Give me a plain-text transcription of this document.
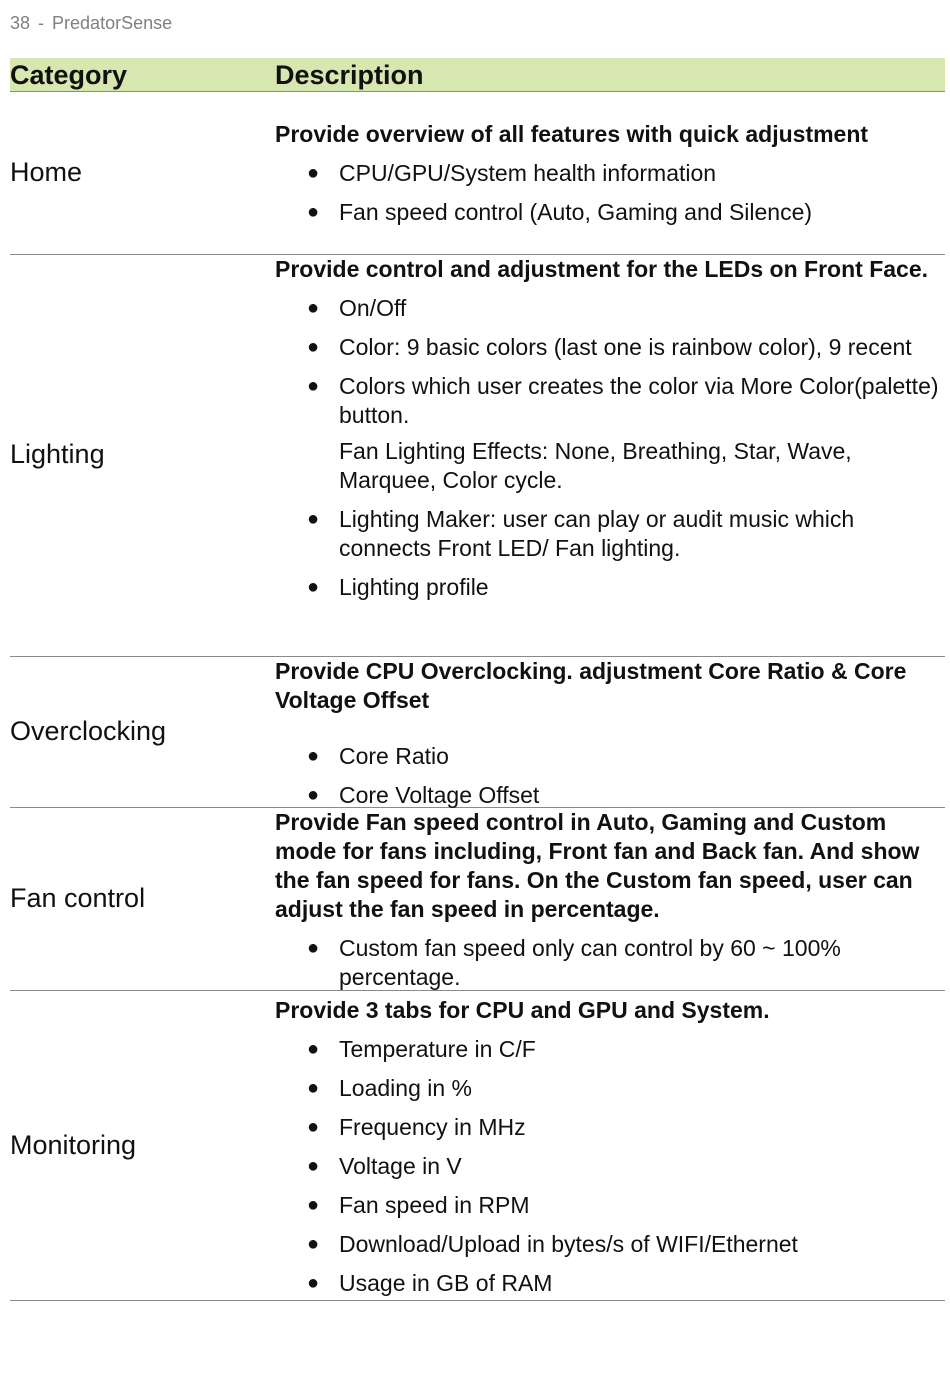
38 - PredatorSense
Category	Description
Home

Provide overview of all features with quick adjustment

● CPU/GPU/System health information
● Fan speed control (Auto, Gaming and Silence)
Lighting

Provide control and adjustment for the LEDs on Front Face.

● On/Off
● Color: 9 basic colors (last one is rainbow color), 9 recent
● Colors which user creates the color via More Color(palette) button.
Fan Lighting Effects: None, Breathing, Star, Wave, Marquee, Color cycle.
● Lighting Maker: user can play or audit music which connects Front LED/ Fan lighting.
● Lighting profile
Overclocking

Provide CPU Overclocking. adjustment Core Ratio & Core Voltage Offset

● Core Ratio
● Core Voltage Offset
Fan control

Provide Fan speed control in Auto, Gaming and Custom mode for fans including, Front fan and Back fan. And show the fan speed for fans. On the Custom fan speed, user can adjust the fan speed in percentage.

● Custom fan speed only can control by 60 ~ 100% percentage.
Monitoring

Provide 3 tabs for CPU and GPU and System.

● Temperature in C/F
● Loading in %
● Frequency in MHz
● Voltage in V
● Fan speed in RPM
● Download/Upload in bytes/s of WIFI/Ethernet
● Usage in GB of RAM
